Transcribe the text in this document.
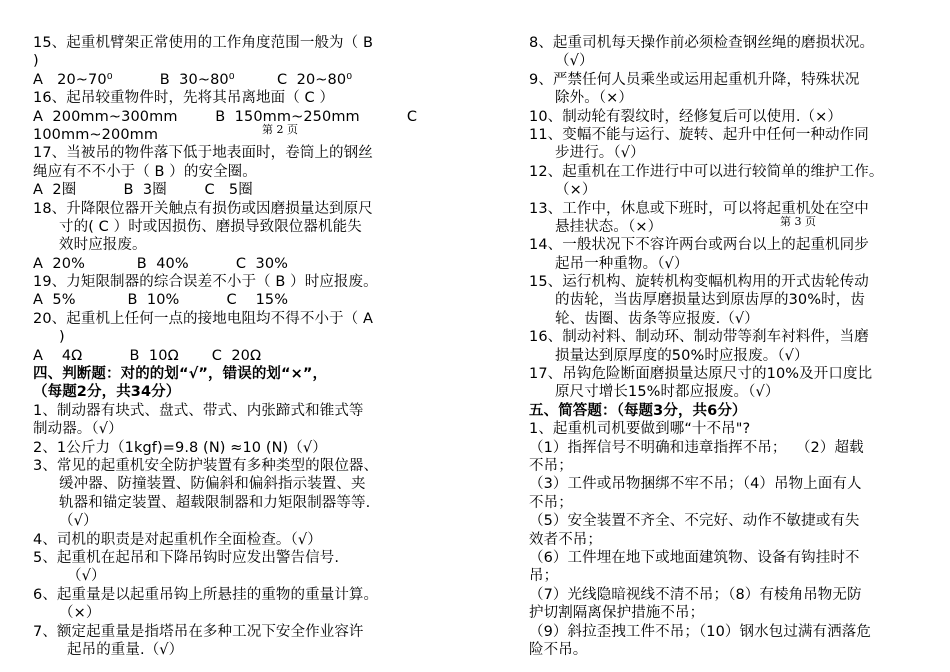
15、起重机臂架正常使用的工作角度范围一般为（ B
)
A   20~70⁰          B  30~80⁰         C  20~80⁰
16、起吊较重物件时，先将其吊离地面（ C ）
A  200mm~300mm        B  150mm~250mm          C
100mm~200mm
17、当被吊的物件落下低于地表面时，卷筒上的钢丝
绳应有不不小于（ B ）的安全圈。
A  2圈          B  3圈        C   5圈
18、升降限位器开关触点有损伤或因磨损量达到原尺
寸的( C ）时或因损伤、磨损导致限位器机能失
效时应报废。
A  20%           B  40%          C  30%
19、力矩限制器的综合误差不小于（ B ）时应报废。
A  5%           B  10%          C    15%
20、起重机上任何一点的接地电阻均不得不小于（ A
)
A    4Ω          B  10Ω       C  20Ω
四、判断题：对的的划“√”，错误的划“×”，
（每题2分，共34分）
1、制动器有块式、盘式、带式、内张蹄式和锥式等
制动器。（√）
2、1公斤力（1kgf)=9.8 (N) ≈10 (N)（√）
3、常见的起重机安全防护装置有多种类型的限位器、
缓冲器、防撞装置、防偏斜和偏斜指示装置、夹
轨器和锚定装置、超载限制器和力矩限制器等等.
（√）
4、司机的职责是对起重机作全面检查。（√）
5、起重机在起吊和下降吊钩时应发出警告信号.
（√）
6、起重量是以起重吊钩上所悬挂的重物的重量计算。
（×）
7、额定起重量是指塔吊在多种工况下安全作业容许
起吊的重量.（√）
8、起重司机每天操作前必须检查钢丝绳的磨损状况。
（√）
9、严禁任何人员乘坐或运用起重机升降，特殊状况
除外。（×）
10、制动轮有裂纹时，经修复后可以使用.（×）
11、变幅不能与运行、旋转、起升中任何一种动作同
步进行。（√）
12、起重机在工作进行中可以进行较简单的维护工作。
（×）
13、工作中，休息或下班时，可以将起重机处在空中
悬挂状态。（×）
14、一般状况下不容许两台或两台以上的起重机同步
起吊一种重物。（√）
15、运行机构、旋转机构变幅机构用的开式齿轮传动
的齿轮，当齿厚磨损量达到原齿厚的30%时，齿
轮、齿圈、齿条等应报废.（√）
16、制动衬料、制动环、制动带等刹车衬料件，当磨
损量达到原厚度的50%时应报废。（√）
17、吊钩危险断面磨损量达原尺寸的10%及开口度比
原尺寸增长15%时都应报废。（√）
五、简答题：（每题3分，共6分）
1、起重机司机要做到哪“十不吊"?
（1）指挥信号不明确和违章指挥不吊；  （2）超载
不吊；
（3）工件或吊物捆绑不牢不吊；（4）吊物上面有人
不吊；
（5）安全装置不齐全、不完好、动作不敏捷或有失
效者不吊；
（6）工件埋在地下或地面建筑物、设备有钩挂时不
吊；
（7）光线隐暗视线不清不吊；（8）有棱角吊物无防
护切割隔离保护措施不吊；
（9）斜拉歪拽工件不吊；（10）钢水包过满有洒落危
险不吊。
第 2 页
第 3 页
